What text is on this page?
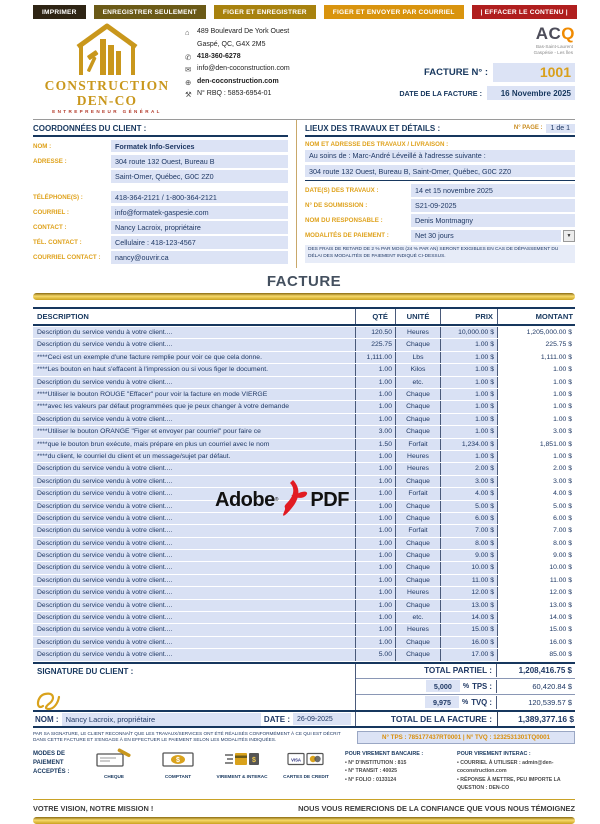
IMPRIMER	ENREGISTRER SEULEMENT	FIGER ET ENREGISTRER	FIGER ET ENVOYER PAR COURRIEL	| EFFACER LE CONTENU |
CONSTRUCTION
DEN-CO
ENTREPRENEUR GÉNÉRAL
⌂	489 Boulevard De York Ouest
Gaspé, QC, G4X 2M5
✆ 418-360-6278
✉ info@den-coconstruction.com
⊕ den-coconstruction.com
⚒ N° RBQ : 5853-6954-01
ACQ
Bas-Saint-Laurent
Gaspésie - Les Îles
FACTURE N° :	1001
DATE DE LA FACTURE :	16 Novembre 2025
COORDONNÉES DU CLIENT :
NOM :	Formatek Info-Services
ADRESSE :	304 route 132 Ouest, Bureau B
Saint-Omer, Québec, G0C 2Z0
TÉLÉPHONE(S) :	418-364-2121 / 1-800-364-2121
COURRIEL :	info@formatek-gaspesie.com
CONTACT :	Nancy Lacroix, propriétaire
TÉL. CONTACT :	Cellulaire : 418-123-4567
COURRIEL CONTACT :	nancy@ouvrir.ca
LIEUX DES TRAVAUX ET DÉTAILS :	N° PAGE :	1 de 1
NOM ET ADRESSE DES TRAVAUX / LIVRAISON :
Au soins de : Marc-André Léveillé à l'adresse suivante :
304 route 132 Ouest, Bureau B, Saint-Omer, Québec, G0C 2Z0
DATE(S) DES TRAVAUX :	14 et 15 novembre 2025
N° DE SOUMISSION :	S21-09-2025
NOM DU RESPONSABLE :	Denis Montmagny
MODALITÉS DE PAIEMENT :	Net 30 jours	▼
DES FRAIS DE RETARD DE 2 % PAR MOIS (24 % PAR AN) SERONT EXIGIBLES EN CAS DE DÉPASSEMENT DU DÉLAI DES MODALITÉS DE PAIEMENT INDIQUÉ CI-DESSUS.
FACTURE
DESCRIPTION	QTÉ	UNITÉ	PRIX	MONTANT
Description du service vendu à votre client....	120.50	Heures	10,000.00 $	1,205,000.00 $
Description du service vendu à votre client....	225.75	Chaque	1.00 $	225.75 $
****Ceci est un exemple d'une facture remplie pour voir ce que cela donne.	1,111.00	Lbs	1.00 $	1,111.00 $
****Les bouton en haut s'effacent à l'impression ou si vous figer le document.	1.00	Kilos	1.00 $	1.00 $
Description du service vendu à votre client....	1.00	etc.	1.00 $	1.00 $
****Utiliser le bouton ROUGE "Effacer" pour voir la facture en mode VIERGE	1.00	Chaque	1.00 $	1.00 $
****avec les valeurs par défaut programmées que je peux changer à votre demande	1.00	Chaque	1.00 $	1.00 $
Description du service vendu à votre client....	1.00	Chaque	1.00 $	1.00 $
****Utiliser le bouton ORANGE "Figer et envoyer par courriel" pour faire ce	3.00	Chaque	1.00 $	3.00 $
****que le bouton brun exécute, mais prépare en plus un courriel avec le nom	1.50	Forfait	1,234.00 $	1,851.00 $
****du client, le courriel du client et un message/sujet par défaut.	1.00	Heures	1.00 $	1.00 $
Description du service vendu à votre client....	1.00	Heures	2.00 $	2.00 $
Description du service vendu à votre client....	1.00	Chaque	3.00 $	3.00 $
Description du service vendu à votre client....	1.00	Forfait	4.00 $	4.00 $
Description du service vendu à votre client....	1.00	Chaque	5.00 $	5.00 $
Description du service vendu à votre client....	1.00	Chaque	6.00 $	6.00 $
Description du service vendu à votre client....	1.00	Forfait	7.00 $	7.00 $
Description du service vendu à votre client....	1.00	Chaque	8.00 $	8.00 $
Description du service vendu à votre client....	1.00	Chaque	9.00 $	9.00 $
Description du service vendu à votre client....	1.00	Chaque	10.00 $	10.00 $
Description du service vendu à votre client....	1.00	Chaque	11.00 $	11.00 $
Description du service vendu à votre client....	1.00	Heures	12.00 $	12.00 $
Description du service vendu à votre client....	1.00	Chaque	13.00 $	13.00 $
Description du service vendu à votre client....	1.00	etc.	14.00 $	14.00 $
Description du service vendu à votre client....	1.00	Heures	15.00 $	15.00 $
Description du service vendu à votre client....	1.00	Chaque	16.00 $	16.00 $
Description du service vendu à votre client....	5.00	Chaque	17.00 $	85.00 $
Adobe ® PDF
SIGNATURE DU CLIENT :	TOTAL PARTIEL :	1,208,416.75 $
5,000	% TPS :	60,420.84 $
9,975	% TVQ :	120,539.57 $
NOM : Nancy Lacroix, propriétaire	DATE :	26-09-2025	TOTAL DE LA FACTURE :	1,389,377.16 $
PAR SA SIGNATURE, LE CLIENT RECONNAÎT QUE LES TRAVAUX/SERVICES ONT ÉTÉ RÉALISÉS CONFORMÉMENT À CE QUI EST DÉCRIT DANS CETTE FACTURE ET S'ENGAGE À EN EFFECTUER LE PAIEMENT SELON LES MODALITÉS INDIQUÉES.	N° TPS : 785177437RT0001 | N° TVQ : 1232531301TQ0001
MODES DE PAIEMENT ACCEPTÉS :
CHEQUE
$
COMPTANT
$
VIREMENT & INTERAC
VISA
CARTES DE CREDIT
POUR VIREMENT BANCAIRE :
• N° D'INSTITUTION : 815
• N° TRANSIT : 40025
• N° FOLIO : 0133124
POUR VIREMENT INTERAC :
• COURRIEL À UTILISER : admin@den-coconstruction.com
• RÉPONSE À METTRE, PEU IMPORTE LA QUESTION : DEN-CO
VOTRE VISION, NOTRE MISSION !	NOUS VOUS REMERCIONS DE LA CONFIANCE QUE VOUS NOUS TÉMOIGNEZ
